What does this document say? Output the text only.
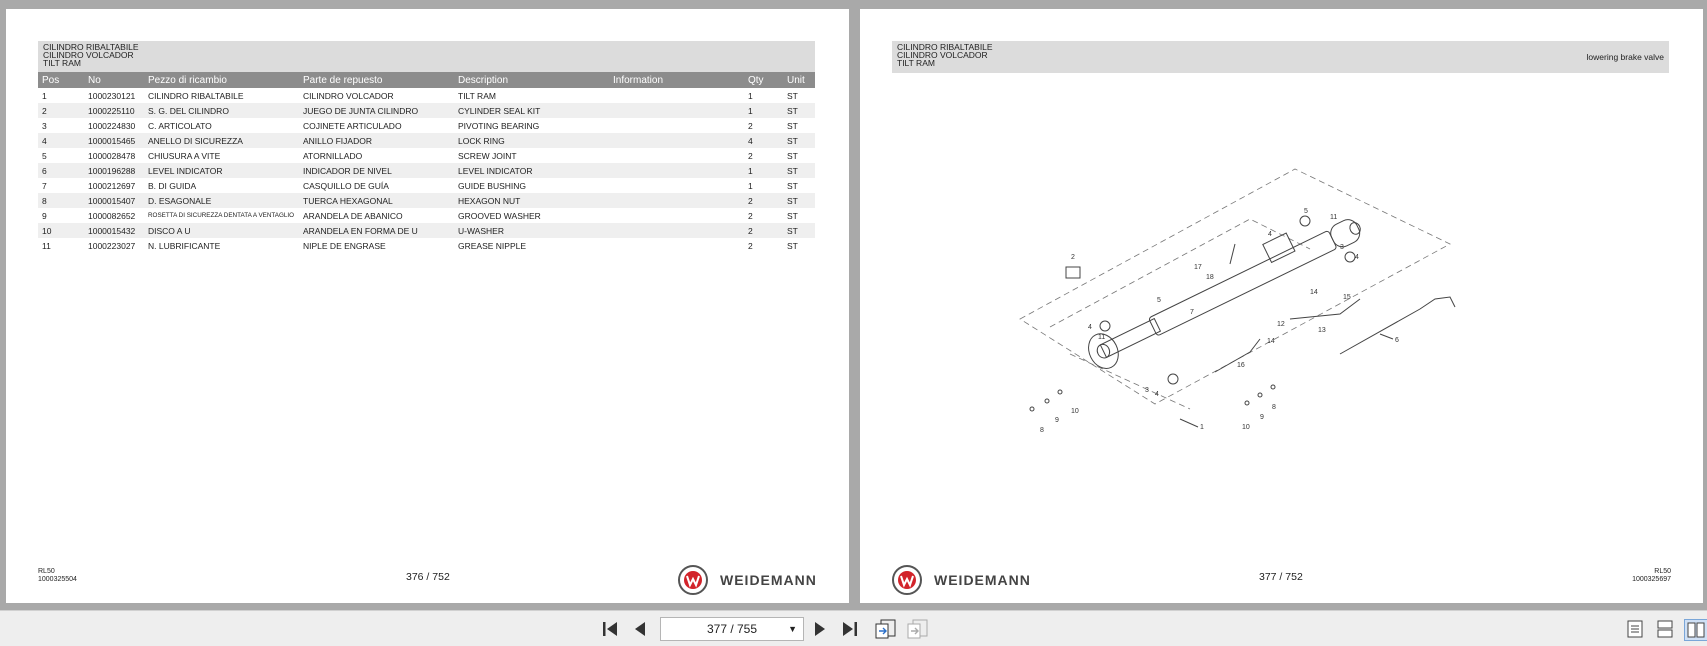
CILINDRO RIBALTABILE
CILINDRO VOLCADOR
TILT RAM
Pos	No	Pezzo di ricambio	Parte de repuesto	Description	Information	Qty	Unit
1	1000230121	CILINDRO RIBALTABILE	CILINDRO VOLCADOR	TILT RAM		1	ST
2	1000225110	S. G. DEL CILINDRO	JUEGO DE JUNTA CILINDRO	CYLINDER SEAL KIT		1	ST
3	1000224830	C. ARTICOLATO	COJINETE ARTICULADO	PIVOTING BEARING		2	ST
4	1000015465	ANELLO DI SICUREZZA	ANILLO FIJADOR	LOCK RING		4	ST
5	1000028478	CHIUSURA A VITE	ATORNILLADO	SCREW JOINT		2	ST
6	1000196288	LEVEL INDICATOR	INDICADOR DE NIVEL	LEVEL INDICATOR		1	ST
7	1000212697	B. DI GUIDA	CASQUILLO DE GUÍA	GUIDE BUSHING		1	ST
8	1000015407	D. ESAGONALE	TUERCA HEXAGONAL	HEXAGON NUT		2	ST
9	1000082652	ROSETTA DI SICUREZZA DENTATA A VENTAGLIO	ARANDELA DE ABANICO	GROOVED WASHER		2	ST
10	1000015432	DISCO A U	ARANDELA EN FORMA DE U	U-WASHER		2	ST
11	1000223027	N. LUBRIFICANTE	NIPLE DE ENGRASE	GREASE NIPPLE		2	ST
RL50
1000325504	376 / 752	WEIDEMANN
CILINDRO RIBALTABILE
CILINDRO VOLCADOR
TILT RAM
lowering brake valve
2
1
3
3
4
4
4
4
5
5
6
7
8
8
9	9
10
10
11
11
12
13
14
14
15
16
17
18
WEIDEMANN	377 / 752	RL50
1000325697
377 / 755	▼
